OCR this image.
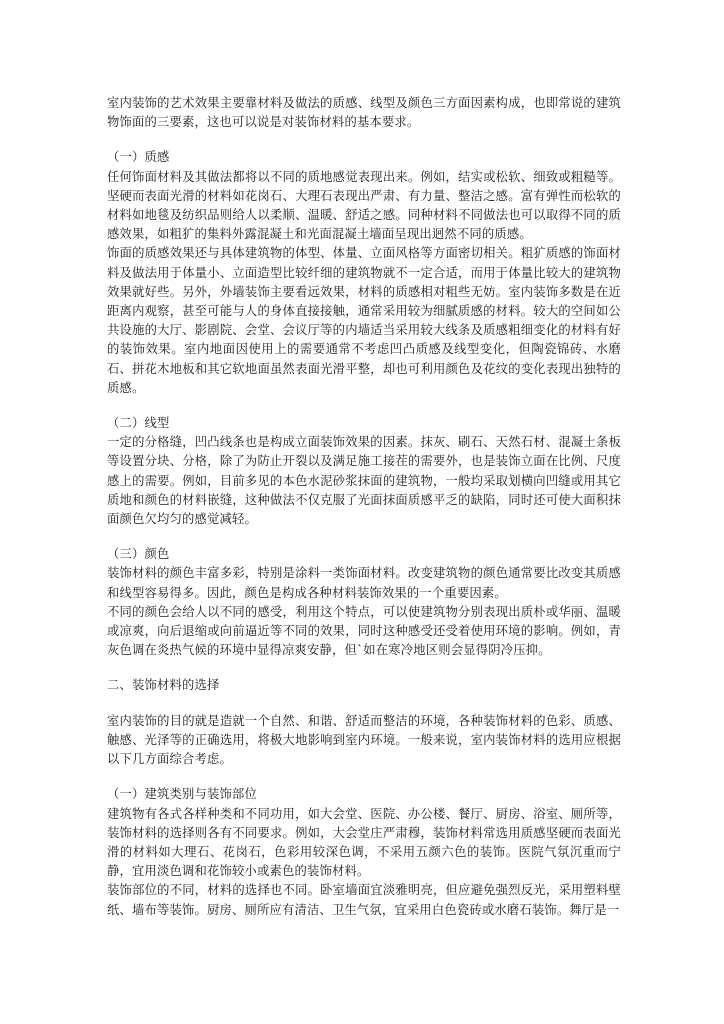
室内装饰的艺术效果主要靠材料及做法的质感、线型及颜色三方面因素构成，也即常说的建筑物饰面的三要素，这也可以说是对装饰材料的基本要求。

（一）质感

任何饰面材料及其做法都将以不同的质地感觉表现出来。例如，结实或松软、细致或粗糙等。坚硬而表面光滑的材料如花岗石、大理石表现出严肃、有力量、整洁之感。富有弹性而松软的材料如地毯及纺织品则给人以柔顺、温暖、舒适之感。同种材料不同做法也可以取得不同的质感效果，如粗犷的集料外露混凝土和光面混凝土墙面呈现出迥然不同的质感。

饰面的质感效果还与具体建筑物的体型、体量、立面风格等方面密切相关。粗犷质感的饰面材料及做法用于体量小、立面造型比较纤细的建筑物就不一定合适，而用于体量比较大的建筑物效果就好些。另外，外墙装饰主要看远效果，材料的质感相对粗些无妨。室内装饰多数是在近距离内观察，甚至可能与人的身体直接接触，通常采用较为细腻质感的材料。较大的空间如公共设施的大厅、影剧院、会堂、会议厅等的内墙适当采用较大线条及质感粗细变化的材料有好的装饰效果。室内地面因使用上的需要通常不考虑凹凸质感及线型变化，但陶瓷锦砖、水磨石、拼花木地板和其它软地面虽然表面光滑平整，却也可利用颜色及花纹的变化表现出独特的质感。

（二）线型

一定的分格缝，凹凸线条也是构成立面装饰效果的因素。抹灰、刷石、天然石材、混凝土条板等设置分块、分格，除了为防止开裂以及满足施工接茬的需要外，也是装饰立面在比例、尺度感上的需要。例如，目前多见的本色水泥砂浆抹面的建筑物，一般均采取划横向凹缝或用其它质地和颜色的材料嵌缝，这种做法不仅克服了光面抹面质感平乏的缺陷，同时还可使大面积抹面颜色欠均匀的感觉减轻。

（三）颜色

装饰材料的颜色丰富多彩，特别是涂料一类饰面材料。改变建筑物的颜色通常要比改变其质感和线型容易得多。因此，颜色是构成各种材料装饰效果的一个重要因素。

不同的颜色会给人以不同的感受，利用这个特点，可以使建筑物分别表现出质朴或华丽、温暖或凉爽，向后退缩或向前逼近等不同的效果，同时这种感受还受着使用环境的影响。例如，青灰色调在炎热气候的环境中显得凉爽安静，但`如在寒冷地区则会显得阴冷压抑。

二、装饰材料的选择

室内装饰的目的就是造就一个自然、和谐、舒适而整洁的环境，各种装饰材料的色彩、质感、触感、光泽等的正确选用，将极大地影响到室内环境。一般来说，室内装饰材料的选用应根据以下几方面综合考虑。

（一）建筑类别与装饰部位

建筑物有各式各样种类和不同功用，如大会堂、医院、办公楼、餐厅、厨房、浴室、厕所等，装饰材料的选择则各有不同要求。例如，大会堂庄严肃穆，装饰材料常选用质感坚硬而表面光滑的材料如大理石、花岗石，色彩用较深色调，不采用五颜六色的装饰。医院气氛沉重而宁静，宜用淡色调和花饰较小或素色的装饰材料。

装饰部位的不同，材料的选择也不同。卧室墙面宜淡雅明亮，但应避免强烈反光，采用塑料壁纸、墙布等装饰。厨房、厕所应有清洁、卫生气氛，宜采用白色瓷砖或水磨石装饰。舞厅是一
